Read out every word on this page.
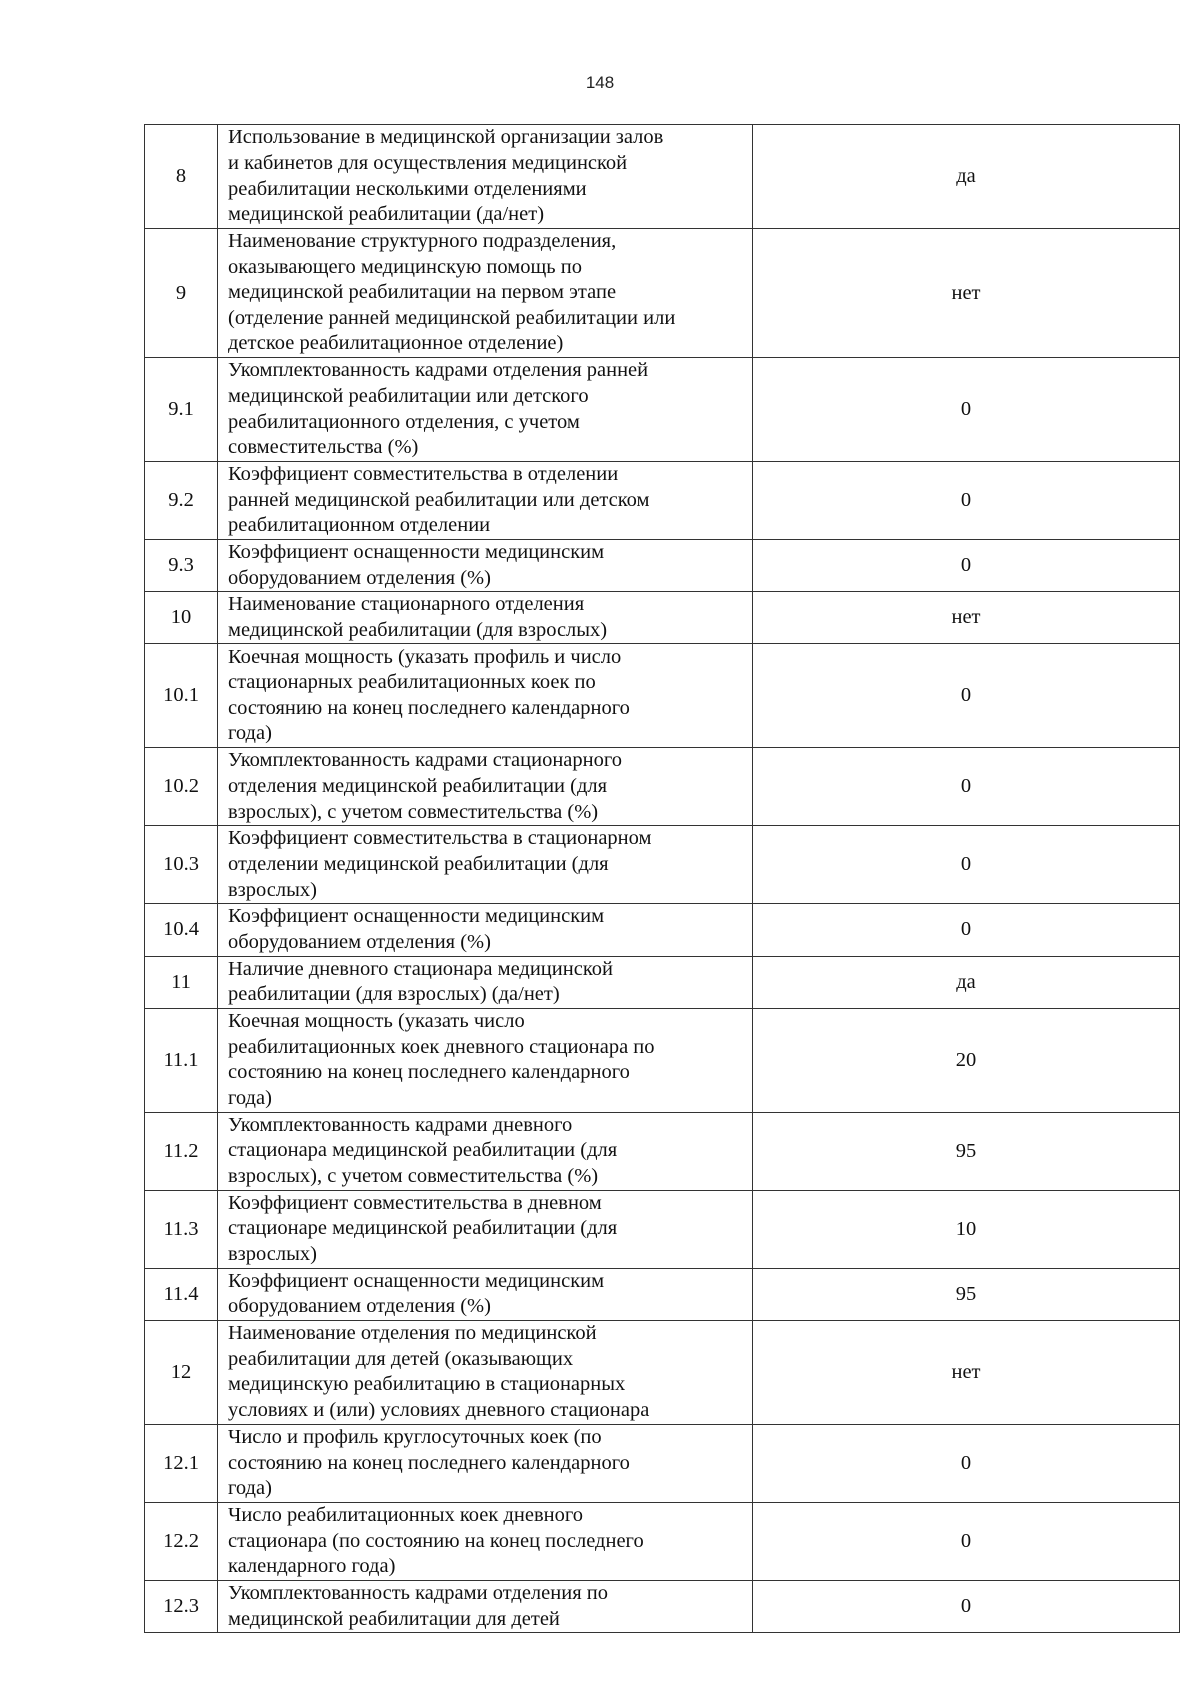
148
8	Использование в медицинской организации залов
и кабинетов для осуществления медицинской
реабилитации несколькими отделениями
медицинской реабилитации (да/нет)	да
9	Наименование структурного подразделения,
оказывающего медицинскую помощь по
медицинской реабилитации на первом этапе
(отделение ранней медицинской реабилитации или
детское реабилитационное отделение)	нет
9.1	Укомплектованность кадрами отделения ранней
медицинской реабилитации или детского
реабилитационного отделения, с учетом
совместительства (%)	0
9.2	Коэффициент совместительства в отделении
ранней медицинской реабилитации или детском
реабилитационном отделении	0
9.3	Коэффициент оснащенности медицинским
оборудованием отделения (%)	0
10	Наименование стационарного отделения
медицинской реабилитации (для взрослых)	нет
10.1	Коечная мощность (указать профиль и число
стационарных реабилитационных коек по
состоянию на конец последнего календарного
года)	0
10.2	Укомплектованность кадрами стационарного
отделения медицинской реабилитации (для
взрослых), с учетом совместительства (%)	0
10.3	Коэффициент совместительства в стационарном
отделении медицинской реабилитации (для
взрослых)	0
10.4	Коэффициент оснащенности медицинским
оборудованием отделения (%)	0
11	Наличие дневного стационара медицинской
реабилитации (для взрослых) (да/нет)	да
11.1	Коечная мощность (указать число
реабилитационных коек дневного стационара по
состоянию на конец последнего календарного
года)	20
11.2	Укомплектованность кадрами дневного
стационара медицинской реабилитации (для
взрослых), с учетом совместительства (%)	95
11.3	Коэффициент совместительства в дневном
стационаре медицинской реабилитации (для
взрослых)	10
11.4	Коэффициент оснащенности медицинским
оборудованием отделения (%)	95
12	Наименование отделения по медицинской
реабилитации для детей (оказывающих
медицинскую реабилитацию в стационарных
условиях и (или) условиях дневного стационара	нет
12.1	Число и профиль круглосуточных коек (по
состоянию на конец последнего календарного
года)	0
12.2	Число реабилитационных коек дневного
стационара (по состоянию на конец последнего
календарного года)	0
12.3	Укомплектованность кадрами отделения по
медицинской реабилитации для детей	0
